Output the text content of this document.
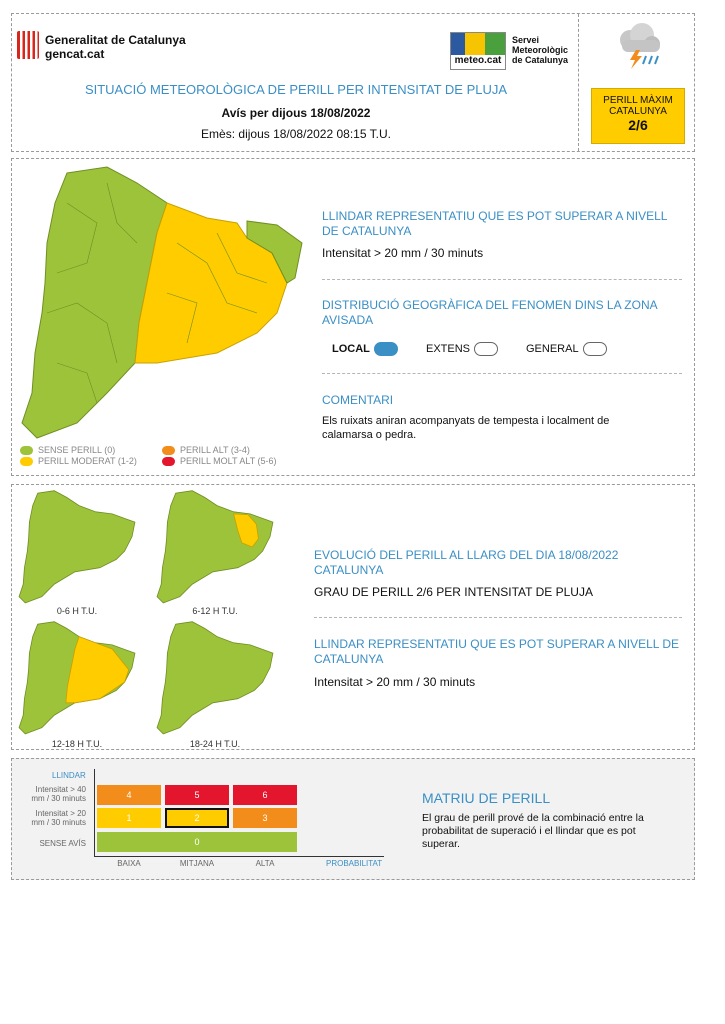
Generalitat de Catalunya
gencat.cat	meteo.cat
Servei
Meteorològic
de Catalunya
SITUACIÓ METEOROLÒGICA DE PERILL PER INTENSITAT DE PLUJA
Avís per dijous 18/08/2022
Emès: dijous 18/08/2022 08:15 T.U.
PERILL MÀXIM
CATALUNYA
2/6
SENSE PERILL (0)
PERILL MODERAT (1-2)
PERILL ALT (3-4)
PERILL MOLT ALT (5-6)
LLINDAR REPRESENTATIU QUE ES POT SUPERAR A NIVELL DE CATALUNYA
Intensitat > 20 mm / 30 minuts
DISTRIBUCIÓ GEOGRÀFICA DEL FENOMEN DINS LA ZONA AVISADA
LOCAL	EXTENS	GENERAL
COMENTARI
Els ruixats aniran acompanyats de tempesta i localment de calamarsa o pedra.
0-6 H T.U.	6-12 H T.U.
12-18 H T.U.	18-24 H T.U.
EVOLUCIÓ DEL PERILL AL LLARG DEL DIA 18/08/2022 CATALUNYA
GRAU DE PERILL 2/6 PER INTENSITAT DE PLUJA
LLINDAR REPRESENTATIU QUE ES POT SUPERAR A NIVELL DE CATALUNYA
Intensitat > 20 mm / 30 minuts
LLINDAR
Intensitat > 40
mm / 30 minuts
Intensitat > 20
mm / 30 minuts
SENSE AVÍS
4	5	6
1	2	3
0
BAIXA	MITJANA	ALTA	PROBABILITAT
MATRIU DE PERILL
El grau de perill prové de la combinació entre la probabilitat de superació i el llindar que es pot superar.
